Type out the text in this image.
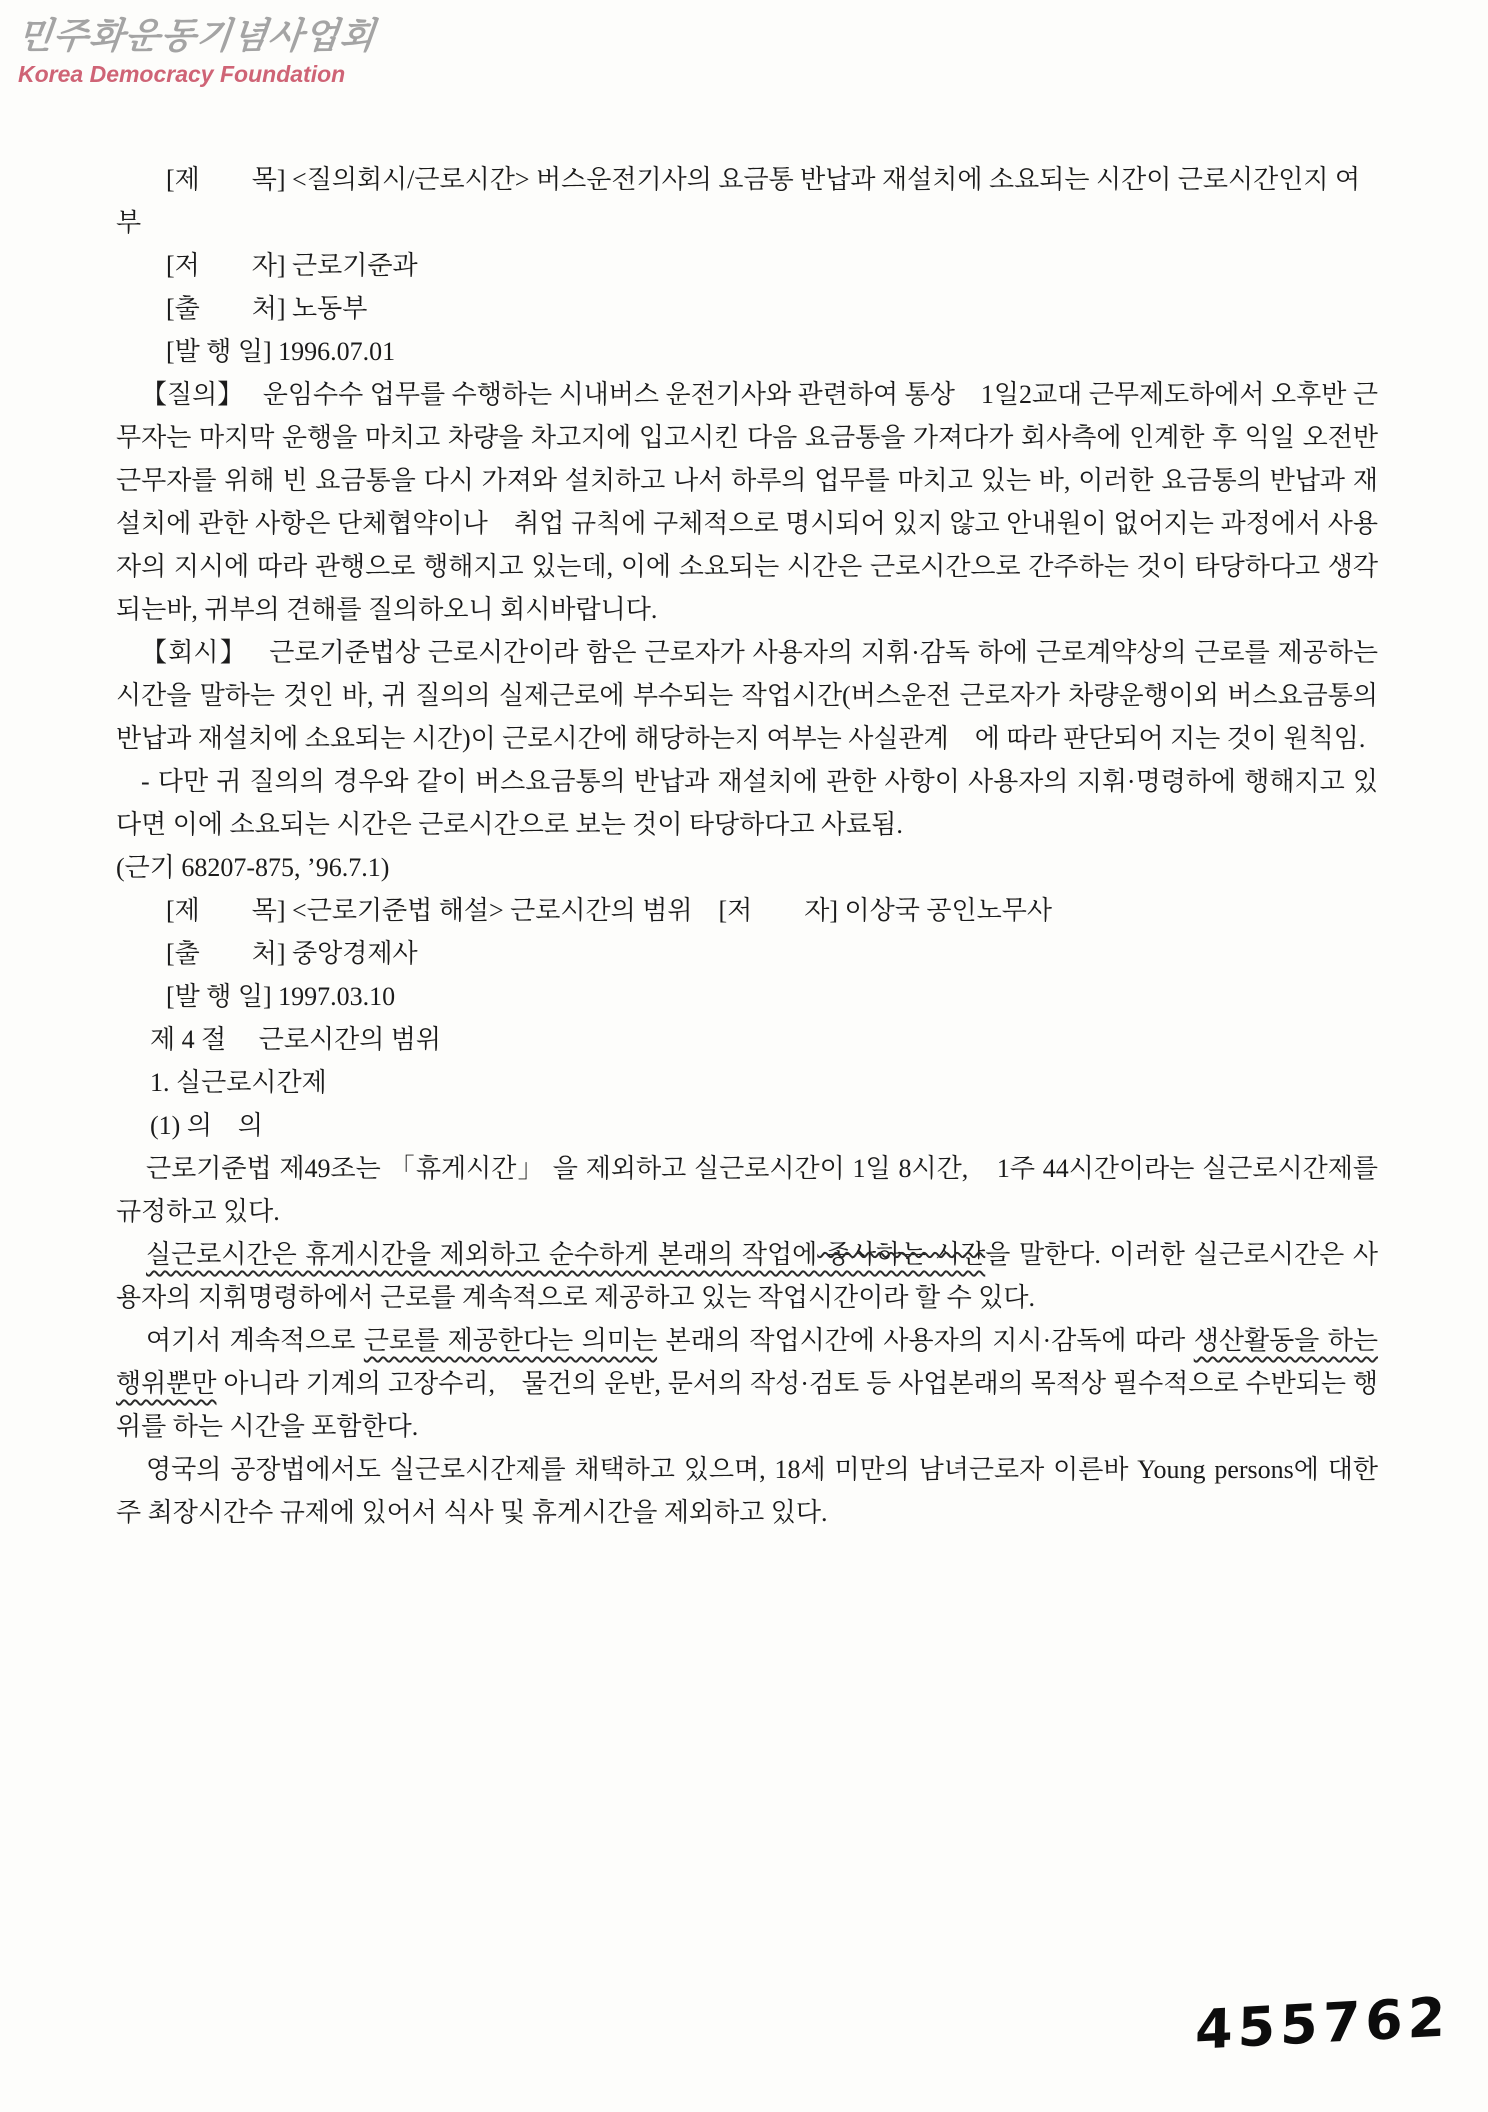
민주화운동기념사업회
Korea Democracy Foundation

[제　　목] <질의회시/근로시간> 버스운전기사의 요금통 반납과 재설치에 소요되는 시간이 근로시간인지 여부

[저　　자] 근로기준과

[출　　처] 노동부

[발 행 일] 1996.07.01

【질의】　 운임수수 업무를 수행하는 시내버스 운전기사와 관련하여 통상　1일2교대 근무제도하에서 오후반 근무자는 마지막 운행을 마치고 차량을 차고지에 입고시킨 다음 요금통을 가져다가 회사측에 인계한 후 익일 오전반　근무자를 위해 빈 요금통을 다시 가져와 설치하고 나서 하루의 업무를 마치고 있는 바, 이러한 요금통의 반납과 재설치에 관한 사항은 단체협약이나　취업 규칙에 구체적으로 명시되어 있지 않고 안내원이 없어지는 과정에서 사용자의 지시에 따라 관행으로 행해지고 있는데, 이에 소요되는 시간은 근로시간으로 간주하는 것이 타당하다고 생각되는바, 귀부의 견해를 질의하오니 회시바랍니다.

【회시】　 근로기준법상 근로시간이라 함은 근로자가 사용자의 지휘·감독 하에 근로계약상의 근로를 제공하는 시간을 말하는 것인 바, 귀 질의의 실제근로에 부수되는 작업시간(버스운전 근로자가 차량운행이외 버스요금통의　반납과 재설치에 소요되는 시간)이 근로시간에 해당하는지 여부는 사실관계　에 따라 판단되어 지는 것이 원칙임.

- 다만 귀 질의의 경우와 같이 버스요금통의 반납과 재설치에 관한 사항이 사용자의 지휘·명령하에 행해지고 있다면 이에 소요되는 시간은 근로시간으로 보는 것이 타당하다고 사료됨.

(근기 68207-875, ’96.7.1)

[제　　목] <근로기준법 해설> 근로시간의 범위　[저　　자] 이상국 공인노무사

[출　　처] 중앙경제사

[발 행 일] 1997.03.10

제 4 절　 근로시간의 범위

1. 실근로시간제

(1) 의　의

근로기준법 제49조는 「휴게시간」 을 제외하고 실근로시간이 1일 8시간,　1주 44시간이라는 실근로시간제를 규정하고 있다.

실근로시간은 휴게시간을 제외하고 순수하게 본래의 작업에 종사하는 시간을 말한다. 이러한 실근로시간은 사용자의 지휘명령하에서 근로를 계속적으로 제공하고 있는 작업시간이라 할 수 있다.

여기서 계속적으로 근로를 제공한다는 의미는 본래의 작업시간에 사용자의 지시·감독에 따라 생산활동을 하는 행위뿐만 아니라 기계의 고장수리,　물건의 운반, 문서의 작성·검토 등 사업본래의 목적상 필수적으로 수반되는 행위를 하는 시간을 포함한다.

영국의 공장법에서도 실근로시간제를 채택하고 있으며, 18세 미만의 남녀근로자 이른바 Young persons에 대한 주 최장시간수 규제에 있어서 식사 및 휴게시간을 제외하고 있다.

455762
